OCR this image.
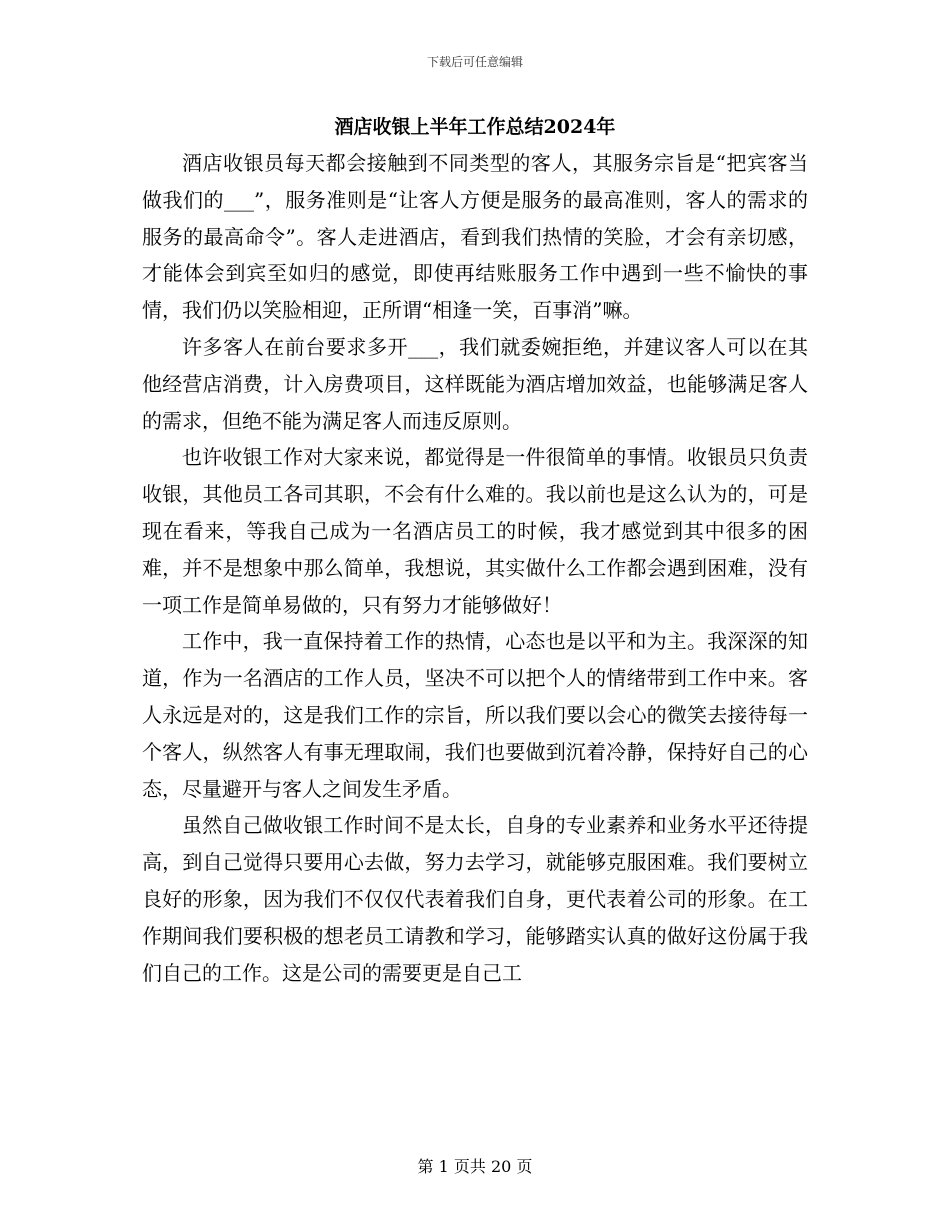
下载后可任意编辑
酒店收银上半年工作总结2024年

酒店收银员每天都会接触到不同类型的客人，其服务宗旨是“把宾客当做我们的___”，服务准则是“让客人方便是服务的最高准则，客人的需求的服务的最高命令”。客人走进酒店，看到我们热情的笑脸，才会有亲切感，才能体会到宾至如归的感觉，即使再结账服务工作中遇到一些不愉快的事情，我们仍以笑脸相迎，正所谓“相逢一笑，百事消”嘛。

许多客人在前台要求多开___，我们就委婉拒绝，并建议客人可以在其他经营店消费，计入房费项目，这样既能为酒店增加效益，也能够满足客人的需求，但绝不能为满足客人而违反原则。

也许收银工作对大家来说，都觉得是一件很简单的事情。收银员只负责收银，其他员工各司其职，不会有什么难的。我以前也是这么认为的，可是现在看来，等我自己成为一名酒店员工的时候，我才感觉到其中很多的困难，并不是想象中那么简单，我想说，其实做什么工作都会遇到困难，没有一项工作是简单易做的，只有努力才能够做好！

工作中，我一直保持着工作的热情，心态也是以平和为主。我深深的知道，作为一名酒店的工作人员，坚决不可以把个人的情绪带到工作中来。客人永远是对的，这是我们工作的宗旨，所以我们要以会心的微笑去接待每一个客人，纵然客人有事无理取闹，我们也要做到沉着冷静，保持好自己的心态，尽量避开与客人之间发生矛盾。

虽然自己做收银工作时间不是太长，自身的专业素养和业务水平还待提高，到自己觉得只要用心去做，努力去学习，就能够克服困难。我们要树立良好的形象，因为我们不仅仅代表着我们自身，更代表着公司的形象。在工作期间我们要积极的想老员工请教和学习，能够踏实认真的做好这份属于我们自己的工作。这是公司的需要更是自己工

第 1 页共 20 页
